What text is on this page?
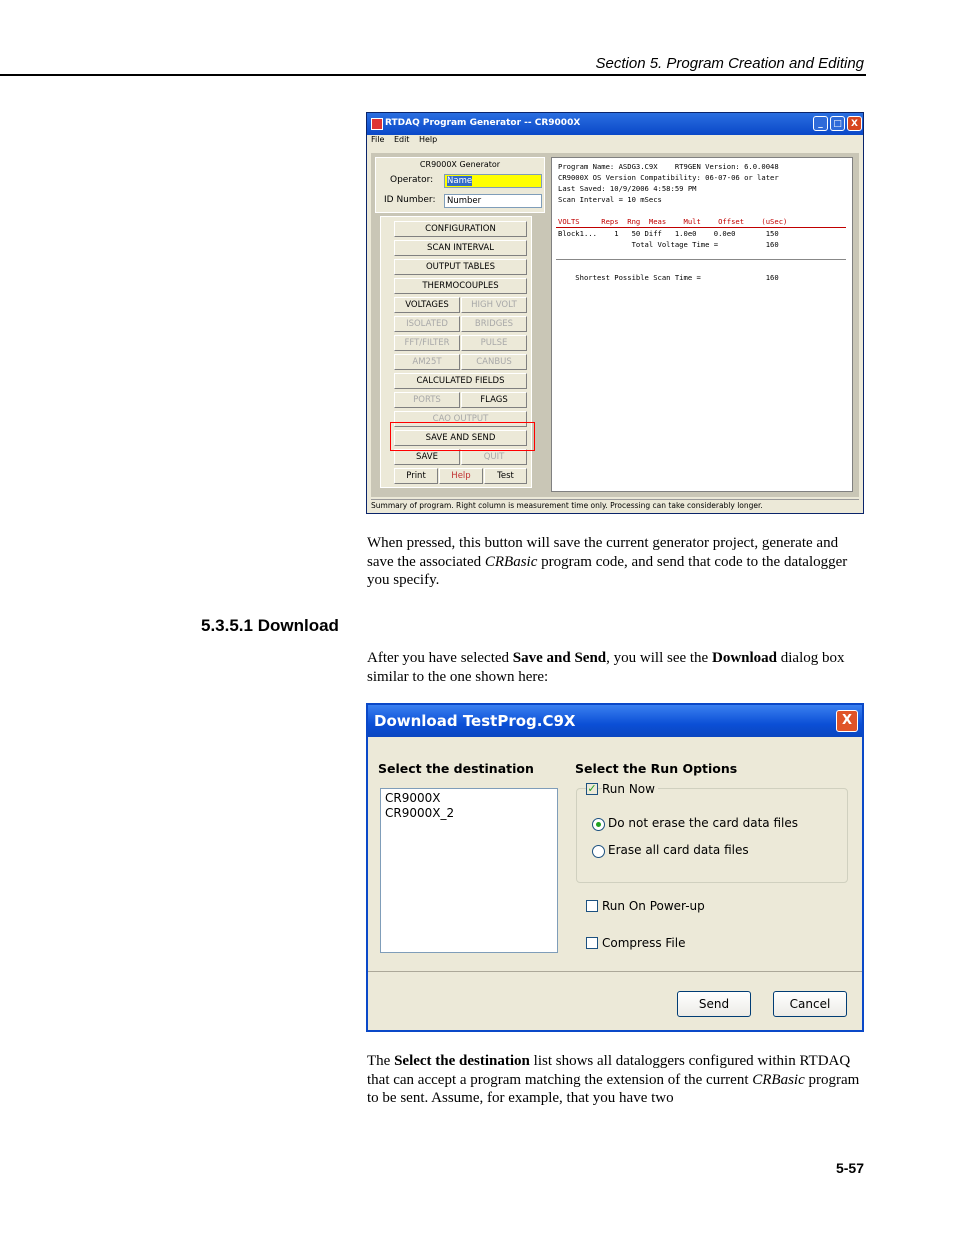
Section 5. Program Creation and Editing
RTDAQ Program Generator -- CR9000X	_	□	X
File Edit Help
CR9000X Generator
Operator:	Name
ID Number:	Number
CONFIGURATION
SCAN INTERVAL
OUTPUT TABLES
THERMOCOUPLES
VOLTAGES	HIGH VOLT
ISOLATED	BRIDGES
FFT/FILTER	PULSE
AM25T	CANBUS
CALCULATED FIELDS
PORTS	FLAGS
CAO OUTPUT
SAVE AND SEND
SAVE	QUIT
Print	Help	Test
Program Name: ASDG3.C9X    RT9GEN Version: 6.0.0048
CR9000X OS Version Compatibility: 06-07-06 or later
Last Saved: 10/9/2006 4:58:59 PM
Scan Interval = 10 mSecs
VOLTS     Reps  Rng  Meas    Mult    Offset    (uSec)
Block1...    1   50 Diff   1.0e0    0.0e0       150
Total Voltage Time =           160
Shortest Possible Scan Time =               160
Summary of program. Right column is measurement time only. Processing can take considerably longer.
When pressed, this button will save the current generator project, generate and save the associated CRBasic program code, and send that code to the datalogger you specify.
5.3.5.1 Download
After you have selected Save and Send, you will see the Download dialog box similar to the one shown here:
Download TestProg.C9X	X
Select the destination
CR9000X
CR9000X_2
Select the Run Options
✓ Run Now
Do not erase the card data files
Erase all card data files
Run On Power-up
Compress File
Send	Cancel
The Select the destination list shows all dataloggers configured within RTDAQ that can accept a program matching the extension of the current CRBasic program to be sent. Assume, for example, that you have two
5-57
